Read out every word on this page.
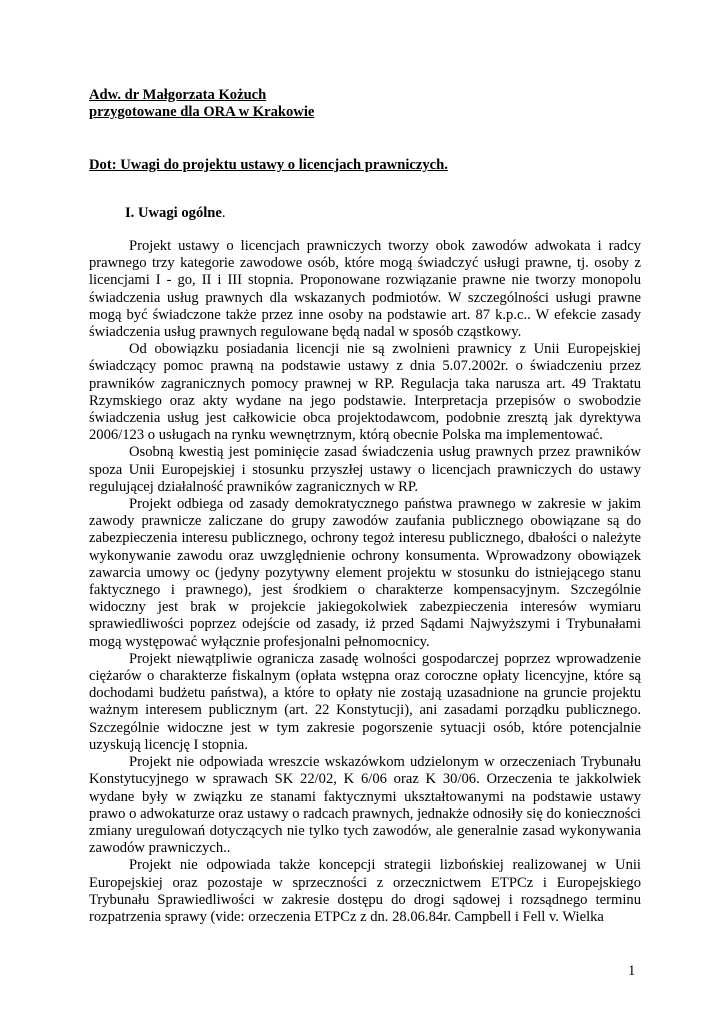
Adw. dr Małgorzata Kożuch

przygotowane dla ORA w Krakowie

Dot: Uwagi do projektu ustawy o licencjach prawniczych.

I. Uwagi ogólne.

Projekt ustawy o licencjach prawniczych tworzy obok zawodów adwokata i radcy prawnego trzy kategorie zawodowe osób, które mogą świadczyć usługi prawne, tj. osoby z licencjami I - go, II i III stopnia. Proponowane rozwiązanie prawne nie tworzy monopolu świadczenia usług prawnych dla wskazanych podmiotów. W szczególności usługi prawne mogą być świadczone także przez inne osoby na podstawie art. 87 k.p.c.. W efekcie zasady świadczenia usług prawnych regulowane będą nadal w sposób cząstkowy.

Od obowiązku posiadania licencji nie są zwolnieni prawnicy z Unii Europejskiej świadczący pomoc prawną na podstawie ustawy z dnia 5.07.2002r. o świadczeniu przez prawników zagranicznych pomocy prawnej w RP. Regulacja taka narusza art. 49 Traktatu Rzymskiego oraz akty wydane na jego podstawie. Interpretacja przepisów o swobodzie świadczenia usług jest całkowicie obca projektodawcom, podobnie zresztą jak dyrektywa 2006/123 o usługach na rynku wewnętrznym, którą obecnie Polska ma implementować.

Osobną kwestią jest pominięcie zasad świadczenia usług prawnych przez prawników spoza Unii Europejskiej i stosunku przyszłej ustawy o licencjach prawniczych do ustawy regulującej działalność prawników zagranicznych w RP.

Projekt odbiega od zasady demokratycznego państwa prawnego w zakresie w jakim zawody prawnicze zaliczane do grupy zawodów zaufania publicznego obowiązane są do zabezpieczenia interesu publicznego, ochrony tegoż interesu publicznego, dbałości o należyte wykonywanie zawodu oraz uwzględnienie ochrony konsumenta. Wprowadzony obowiązek zawarcia umowy oc (jedyny pozytywny element projektu w stosunku do istniejącego stanu faktycznego i prawnego), jest środkiem o charakterze kompensacyjnym. Szczególnie widoczny jest brak w projekcie jakiegokolwiek zabezpieczenia interesów wymiaru sprawiedliwości poprzez odejście od zasady, iż przed Sądami Najwyższymi i Trybunałami mogą występować wyłącznie profesjonalni pełnomocnicy.

Projekt niewątpliwie ogranicza zasadę wolności gospodarczej poprzez wprowadzenie ciężarów o charakterze fiskalnym (opłata wstępna oraz coroczne opłaty licencyjne, które są dochodami budżetu państwa), a które to opłaty nie zostają uzasadnione na gruncie projektu ważnym interesem publicznym (art. 22 Konstytucji), ani zasadami porządku publicznego. Szczególnie widoczne jest w tym zakresie pogorszenie sytuacji osób, które potencjalnie uzyskują licencję I stopnia.

Projekt nie odpowiada wreszcie wskazówkom udzielonym w orzeczeniach Trybunału Konstytucyjnego w sprawach SK 22/02, K 6/06 oraz K 30/06. Orzeczenia te jakkolwiek wydane były w związku ze stanami faktycznymi ukształtowanymi na podstawie ustawy prawo o adwokaturze oraz ustawy o radcach prawnych, jednakże odnosiły się do konieczności zmiany uregulowań dotyczących nie tylko tych zawodów, ale generalnie zasad wykonywania zawodów prawniczych..

Projekt nie odpowiada także koncepcji strategii lizbońskiej realizowanej w Unii Europejskiej oraz pozostaje w sprzeczności z orzecznictwem ETPCz i Europejskiego Trybunału Sprawiedliwości w zakresie dostępu do drogi sądowej i rozsądnego terminu rozpatrzenia sprawy (vide: orzeczenia ETPCz z dn. 28.06.84r. Campbell i Fell v. Wielka

1
